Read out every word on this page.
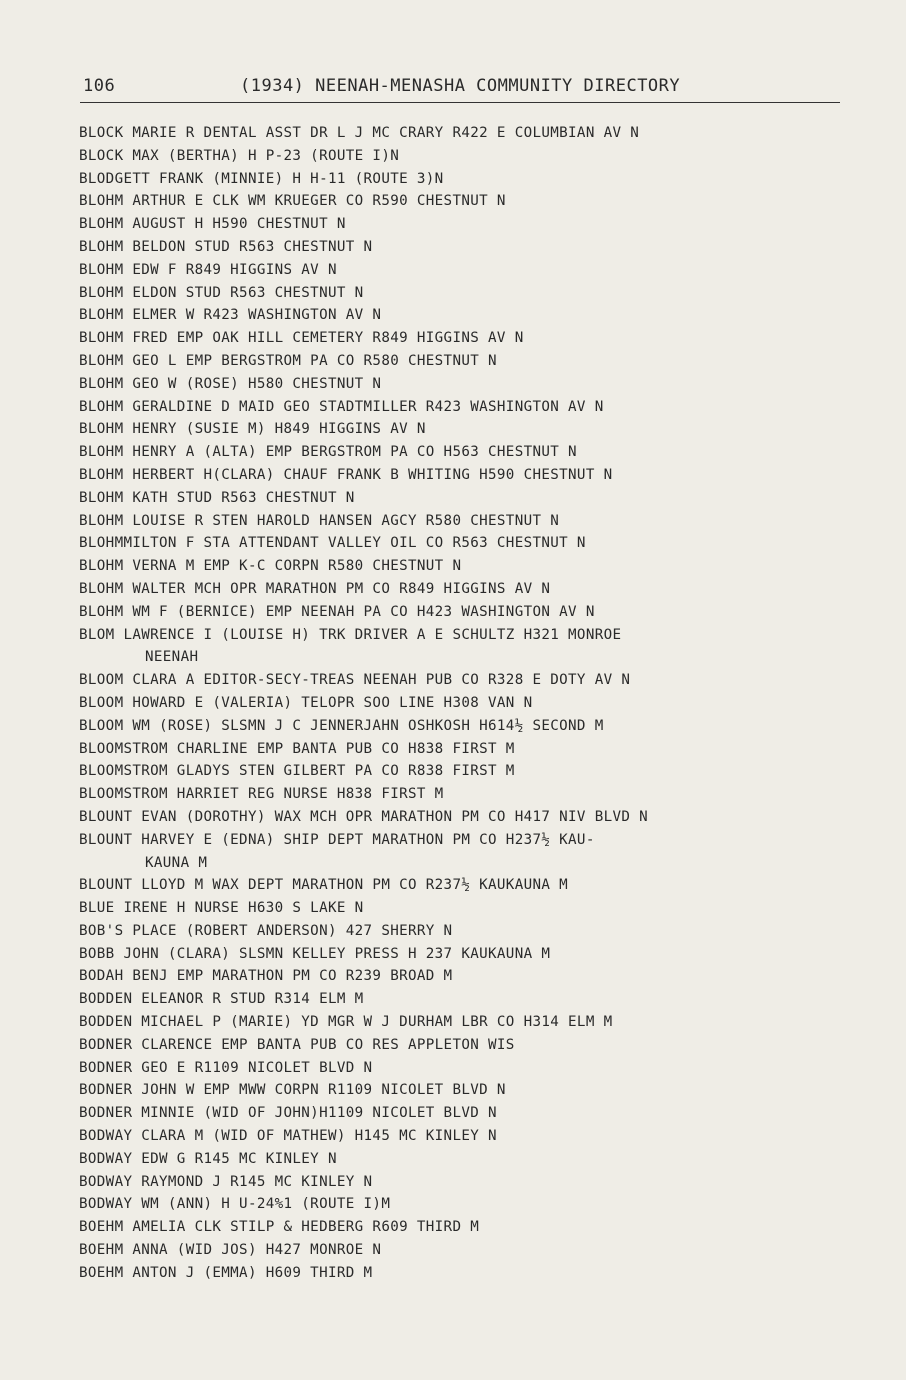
106	(1934) NEENAH-MENASHA COMMUNITY DIRECTORY
BLOCK MARIE R DENTAL ASST DR L J MC CRARY R422 E COLUMBIAN AV N
BLOCK MAX (BERTHA) H P-23 (ROUTE I)N
BLODGETT FRANK (MINNIE) H H-11 (ROUTE 3)N
BLOHM ARTHUR E CLK WM KRUEGER CO R590 CHESTNUT N
BLOHM AUGUST H H590 CHESTNUT N
BLOHM BELDON STUD R563 CHESTNUT N
BLOHM EDW F R849 HIGGINS AV N
BLOHM ELDON STUD R563 CHESTNUT N
BLOHM ELMER W R423 WASHINGTON AV N
BLOHM FRED EMP OAK HILL CEMETERY R849 HIGGINS AV N
BLOHM GEO L EMP BERGSTROM PA CO R580 CHESTNUT N
BLOHM GEO W (ROSE) H580 CHESTNUT N
BLOHM GERALDINE D MAID GEO STADTMILLER R423 WASHINGTON AV N
BLOHM HENRY (SUSIE M) H849 HIGGINS AV N
BLOHM HENRY A (ALTA) EMP BERGSTROM PA CO H563 CHESTNUT N
BLOHM HERBERT H(CLARA) CHAUF FRANK B WHITING H590 CHESTNUT N
BLOHM KATH STUD R563 CHESTNUT N
BLOHM LOUISE R STEN HAROLD HANSEN AGCY R580 CHESTNUT N
BLOHMMILTON F STA ATTENDANT VALLEY OIL CO R563 CHESTNUT N
BLOHM VERNA M EMP K-C CORPN R580 CHESTNUT N
BLOHM WALTER MCH OPR MARATHON PM CO R849 HIGGINS AV N
BLOHM WM F (BERNICE) EMP NEENAH PA CO H423 WASHINGTON AV N
BLOM LAWRENCE I (LOUISE H) TRK DRIVER A E SCHULTZ H321 MONROE
NEENAH
BLOOM CLARA A EDITOR-SECY-TREAS NEENAH PUB CO R328 E DOTY AV N
BLOOM HOWARD E (VALERIA) TELOPR SOO LINE H308 VAN N
BLOOM WM (ROSE) SLSMN J C JENNERJAHN OSHKOSH H614½ SECOND M
BLOOMSTROM CHARLINE EMP BANTA PUB CO H838 FIRST M
BLOOMSTROM GLADYS STEN GILBERT PA CO R838 FIRST M
BLOOMSTROM HARRIET REG NURSE H838 FIRST M
BLOUNT EVAN (DOROTHY) WAX MCH OPR MARATHON PM CO H417 NIV BLVD N
BLOUNT HARVEY E (EDNA) SHIP DEPT MARATHON PM CO H237½ KAU-
KAUNA M
BLOUNT LLOYD M WAX DEPT MARATHON PM CO R237½ KAUKAUNA M
BLUE IRENE H NURSE H630 S LAKE N
BOB'S PLACE (ROBERT ANDERSON) 427 SHERRY N
BOBB JOHN (CLARA) SLSMN KELLEY PRESS H 237 KAUKAUNA M
BODAH BENJ EMP MARATHON PM CO R239 BROAD M
BODDEN ELEANOR R STUD R314 ELM M
BODDEN MICHAEL P (MARIE) YD MGR W J DURHAM LBR CO H314 ELM M
BODNER CLARENCE EMP BANTA PUB CO RES APPLETON WIS
BODNER GEO E R1109 NICOLET BLVD N
BODNER JOHN W EMP MWW CORPN R1109 NICOLET BLVD N
BODNER MINNIE (WID OF JOHN)H1109 NICOLET BLVD N
BODWAY CLARA M (WID OF MATHEW) H145 MC KINLEY N
BODWAY EDW G R145 MC KINLEY N
BODWAY RAYMOND J R145 MC KINLEY N
BODWAY WM (ANN) H U-24%1 (ROUTE I)M
BOEHM AMELIA CLK STILP & HEDBERG R609 THIRD M
BOEHM ANNA (WID JOS) H427 MONROE N
BOEHM ANTON J (EMMA) H609 THIRD M
